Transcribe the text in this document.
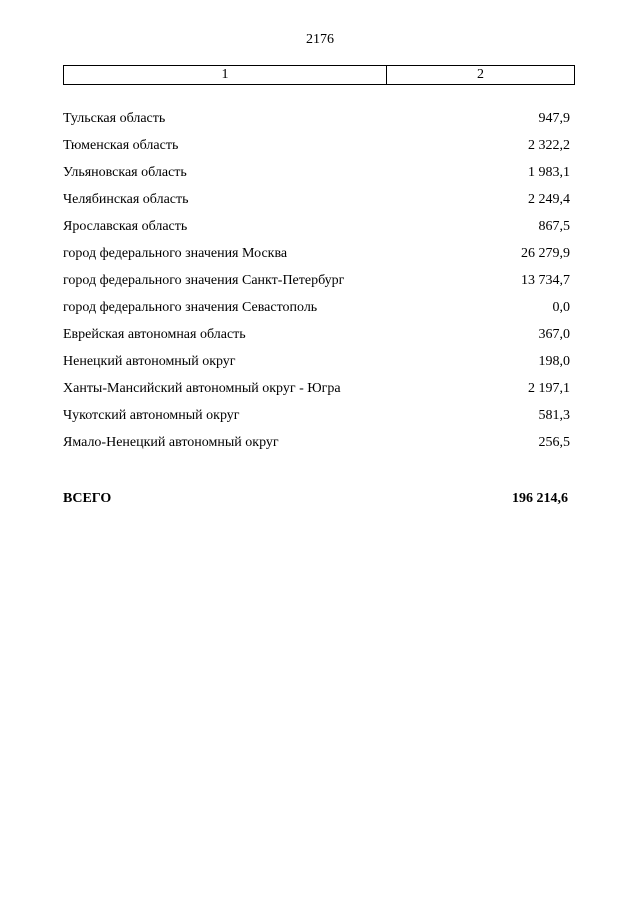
2176
1	2
Тульская область	947,9
Тюменская область	2 322,2
Ульяновская область	1 983,1
Челябинская область	2 249,4
Ярославская область	867,5
город федерального значения Москва	26 279,9
город федерального значения Санкт-Петербург	13 734,7
город федерального значения Севастополь	0,0
Еврейская автономная область	367,0
Ненецкий автономный округ	198,0
Ханты-Мансийский автономный округ - Югра	2 197,1
Чукотский автономный округ	581,3
Ямало-Ненецкий автономный округ	256,5
ВСЕГО	196 214,6
